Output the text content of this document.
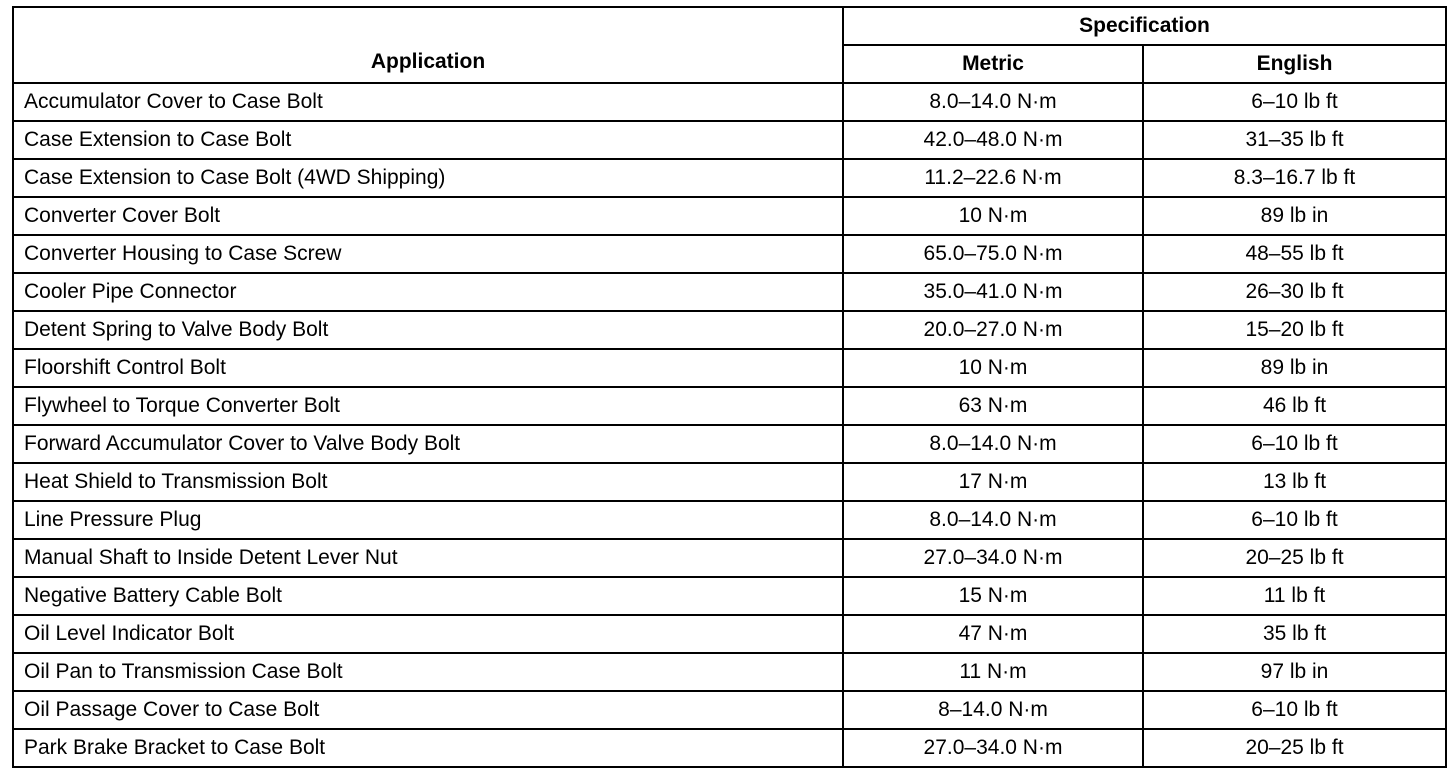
Application	Specification	
	Metric	English
Accumulator Cover to Case Bolt	8.0–14.0 N·m	6–10 lb ft
Case Extension to Case Bolt	42.0–48.0 N·m	31–35 lb ft
Case Extension to Case Bolt (4WD Shipping)	11.2–22.6 N·m	8.3–16.7 lb ft
Converter Cover Bolt	10 N·m	89 lb in
Converter Housing to Case Screw	65.0–75.0 N·m	48–55 lb ft
Cooler Pipe Connector	35.0–41.0 N·m	26–30 lb ft
Detent Spring to Valve Body Bolt	20.0–27.0 N·m	15–20 lb ft
Floorshift Control Bolt	10 N·m	89 lb in
Flywheel to Torque Converter Bolt	63 N·m	46 lb ft
Forward Accumulator Cover to Valve Body Bolt	8.0–14.0 N·m	6–10 lb ft
Heat Shield to Transmission Bolt	17 N·m	13 lb ft
Line Pressure Plug	8.0–14.0 N·m	6–10 lb ft
Manual Shaft to Inside Detent Lever Nut	27.0–34.0 N·m	20–25 lb ft
Negative Battery Cable Bolt	15 N·m	11 lb ft
Oil Level Indicator Bolt	47 N·m	35 lb ft
Oil Pan to Transmission Case Bolt	11 N·m	97 lb in
Oil Passage Cover to Case Bolt	8–14.0 N·m	6–10 lb ft
Park Brake Bracket to Case Bolt	27.0–34.0 N·m	20–25 lb ft
